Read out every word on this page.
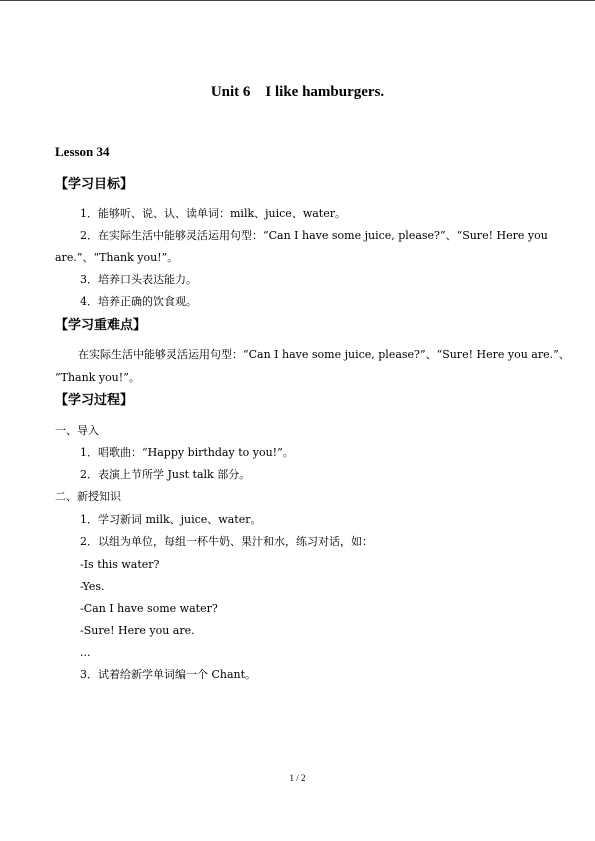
Unit 6　I like hamburgers.
Lesson 34
【学习目标】
1．能够听、说、认、读单词：milk、juice、water。
2．在实际生活中能够灵活运用句型：“Can I have some juice, please?”、“Sure! Here you
are.”、“Thank you!”。
3．培养口头表达能力。
4．培养正确的饮食观。
【学习重难点】
在实际生活中能够灵活运用句型：“Can I have some juice, please?”、“Sure! Here you are.”、
“Thank you!”。
【学习过程】
一、导入
1．唱歌曲：“Happy birthday to you!”。
2．表演上节所学 Just talk 部分。
二、新授知识
1．学习新词 milk、juice、water。
2．以组为单位，每组一杯牛奶、果汁和水，练习对话，如：
-Is this water?
-Yes.
-Can I have some water?
-Sure! Here you are.
...
3．试着给新学单词编一个 Chant。
1 / 2
